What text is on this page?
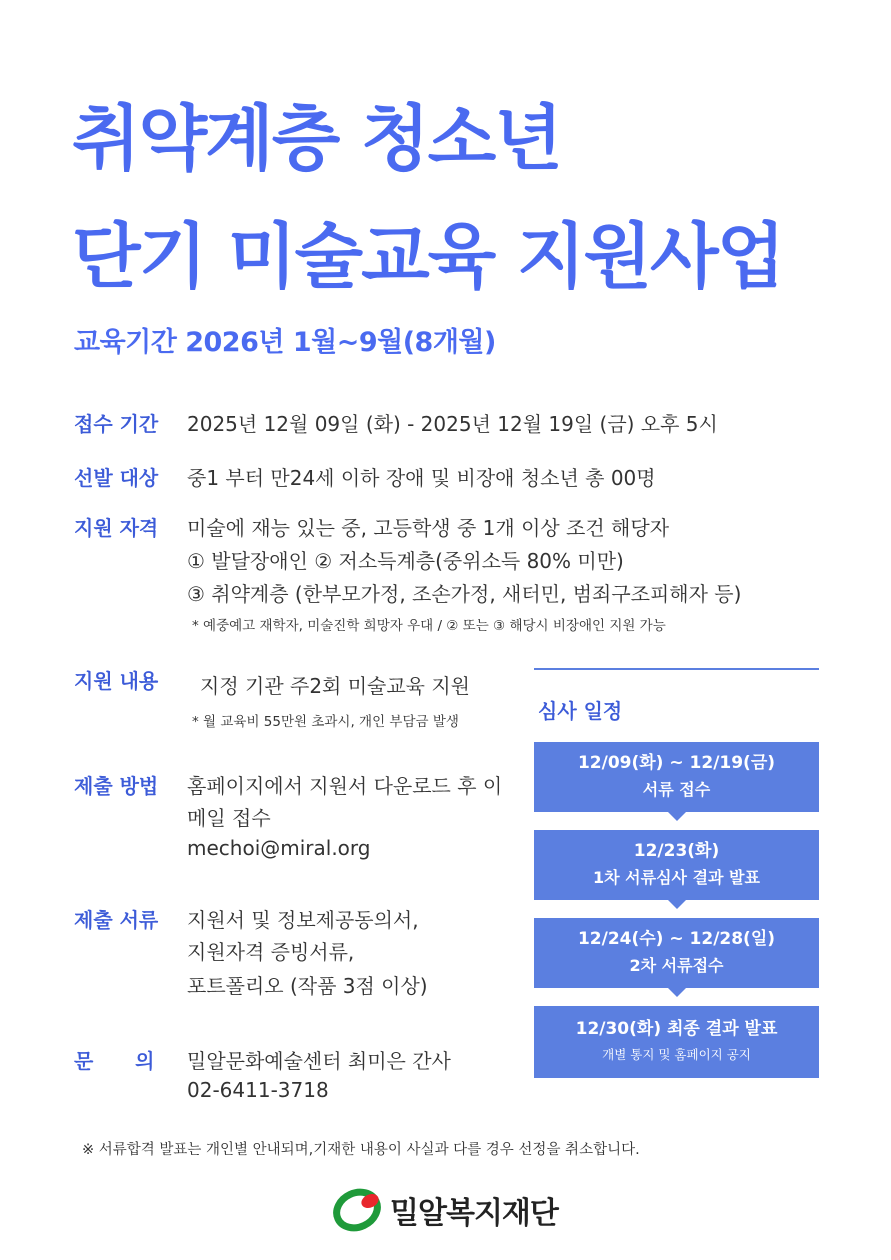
취약계층 청소년
단기 미술교육 지원사업
교육기간 2026년 1월~9월(8개월)
접수 기간 2025년 12월 09일 (화) - 2025년 12월 19일 (금) 오후 5시
선발 대상 중1 부터 만24세 이하 장애 및 비장애 청소년 총 00명
지원 자격 미술에 재능 있는 중, 고등학생 중 1개 이상 조건 해당자
① 발달장애인 ② 저소득계층(중위소득 80% 미만)
③ 취약계층 (한부모가정, 조손가정, 새터민, 범죄구조피해자 등)
* 예중예고 재학자, 미술진학 희망자 우대 / ② 또는 ③ 해당시 비장애인 지원 가능
지원 내용 지정 기관 주2회 미술교육 지원
* 월 교육비 55만원 초과시, 개인 부담금 발생
제출 방법 홈페이지에서 지원서 다운로드 후 이
메일 접수
mechoi@miral.org
제출 서류 지원서 및 정보제공동의서,
지원자격 증빙서류,
포트폴리오 (작품 3점 이상)
문      의 밀알문화예술센터 최미은 간사
02-6411-3718
심사 일정
12/09(화) ~ 12/19(금)
서류 접수
12/23(화)
1차 서류심사 결과 발표
12/24(수) ~ 12/28(일)
2차 서류접수
12/30(화) 최종 결과 발표
개별 통지 및 홈페이지 공지
※ 서류합격 발표는 개인별 안내되며,기재한 내용이 사실과 다를 경우 선정을 취소합니다.
밀알복지재단
